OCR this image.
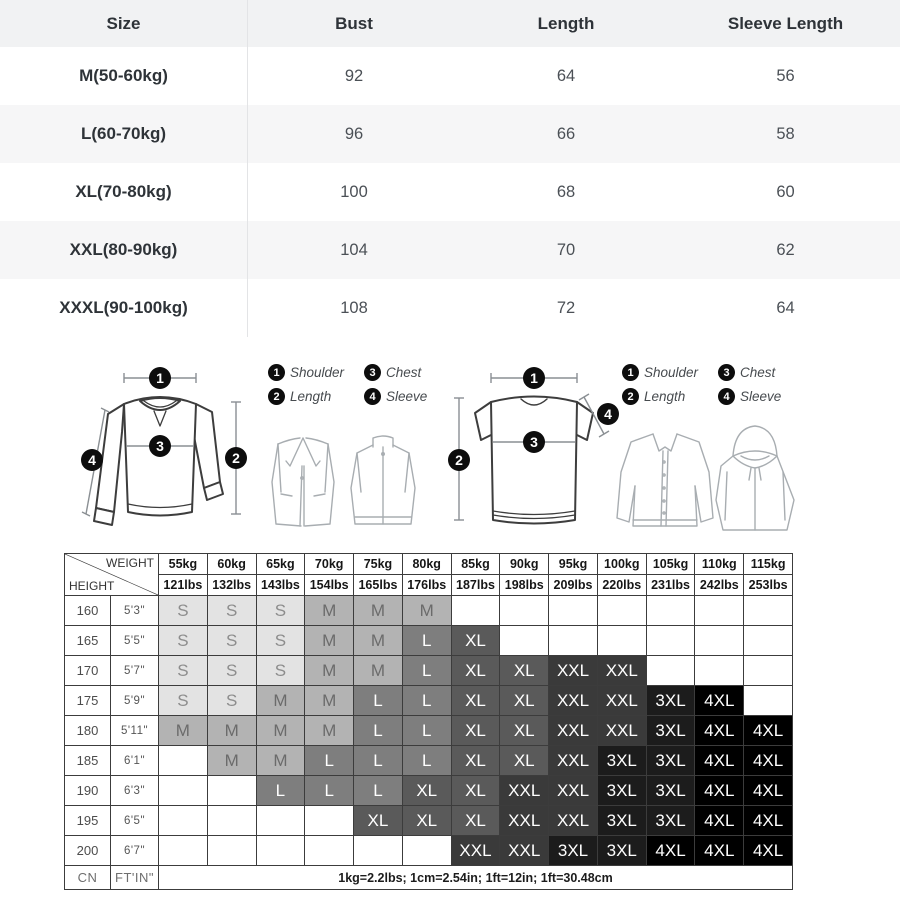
Size	Bust	Length	Sleeve Length
M(50-60kg)	92	64	56
L(60-70kg)	96	66	58
XL(70-80kg)	100	68	60
XXL(80-90kg)	104	70	62
XXXL(90-100kg)	108	72	64
1
2
3
4
1 Shoulder	3 Chest
2 Length	4 Sleeve
1
2
3
4
1 Shoulder	3 Chest
2 Length	4 Sleeve
WEIGHT
HEIGHT		55kg	60kg	65kg	70kg	75kg	80kg	85kg	90kg	95kg	100kg	105kg	110kg	115kg
		121lbs	132lbs	143lbs	154lbs	165lbs	176lbs	187lbs	198lbs	209lbs	220lbs	231lbs	242lbs	253lbs
160	5'3"	S	S	S	M	M	M							
165	5'5"	S	S	S	M	M	L	XL						
170	5'7"	S	S	S	M	M	L	XL	XL	XXL	XXL			
175	5'9"	S	S	M	M	L	L	XL	XL	XXL	XXL	3XL	4XL	
180	5'11"	M	M	M	M	L	L	XL	XL	XXL	XXL	3XL	4XL	4XL
185	6'1"		M	M	L	L	L	XL	XL	XXL	3XL	3XL	4XL	4XL
190	6'3"			L	L	L	XL	XL	XXL	XXL	3XL	3XL	4XL	4XL
195	6'5"					XL	XL	XL	XXL	XXL	3XL	3XL	4XL	4XL
200	6'7"							XXL	XXL	3XL	3XL	4XL	4XL	4XL
CN	FT'IN"	1kg=2.2lbs; 1cm=2.54in; 1ft=12in; 1ft=30.48cm												
